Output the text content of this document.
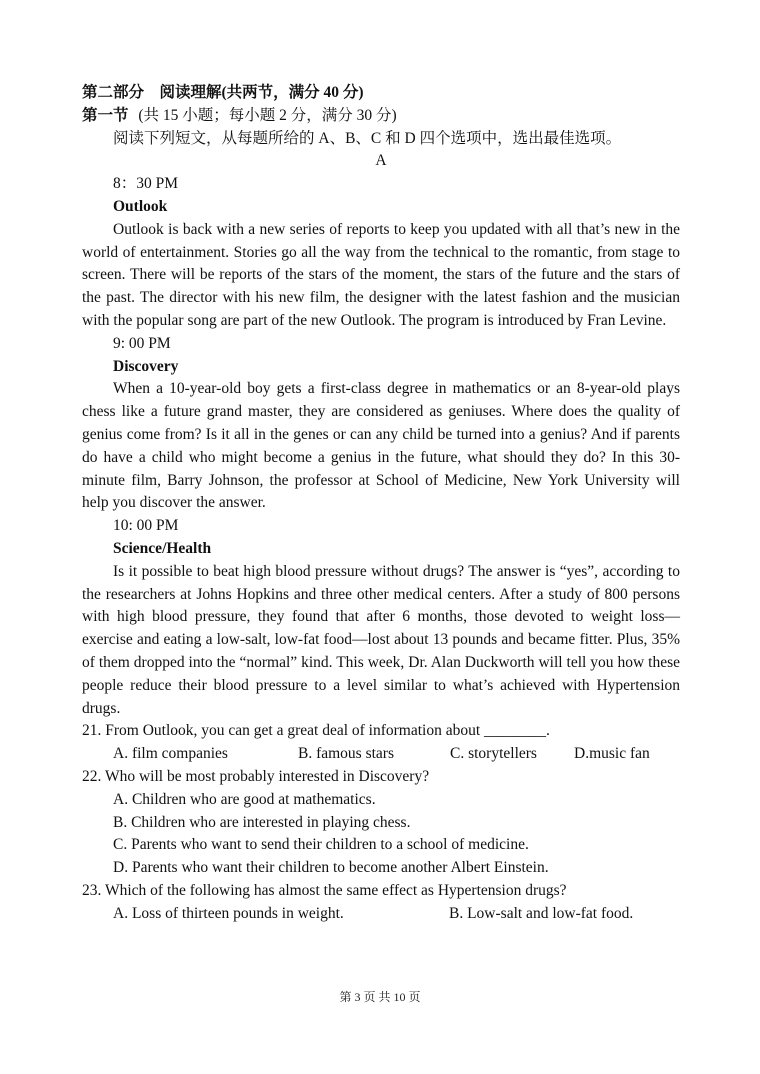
第二部分　阅读理解(共两节，满分 40 分)
第一节 (共 15 小题；每小题 2 分，满分 30 分)
阅读下列短文，从每题所给的 A、B、C 和 D 四个选项中，选出最佳选项。
A
8：30 PM
Outlook

Outlook is back with a new series of reports to keep you updated with all that’s new in the world of entertainment. Stories go all the way from the technical to the romantic, from stage to screen. There will be reports of the stars of the moment, the stars of the future and the stars of the past. The director with his new film, the designer with the latest fashion and the musician with the popular song are part of the new Outlook. The program is introduced by Fran Levine.

9: 00 PM
Discovery

When a 10-year-old boy gets a first-class degree in mathematics or an 8-year-old plays chess like a future grand master, they are considered as geniuses. Where does the quality of genius come from? Is it all in the genes or can any child be turned into a genius? And if parents do have a child who might become a genius in the future, what should they do? In this 30-minute film, Barry Johnson, the professor at School of Medicine, New York University will help you discover the answer.

10: 00 PM
Science/Health

Is it possible to beat high blood pressure without drugs? The answer is “yes”, according to the researchers at Johns Hopkins and three other medical centers. After a study of 800 persons with high blood pressure, they found that after 6 months, those devoted to weight loss—exercise and eating a low-salt, low-fat food—lost about 13 pounds and became fitter. Plus, 35% of them dropped into the “normal” kind. This week, Dr. Alan Duckworth will tell you how these people reduce their blood pressure to a level similar to what’s achieved with Hypertension drugs.

21. From Outlook, you can get a great deal of information about ________.
A. film companies	B. famous stars	C. storytellers	D.music fan
22. Who will be most probably interested in Discovery?
A. Children who are good at mathematics.
B. Children who are interested in playing chess.
C. Parents who want to send their children to a school of medicine.
D. Parents who want their children to become another Albert Einstein.
23. Which of the following has almost the same effect as Hypertension drugs?
A. Loss of thirteen pounds in weight.	B. Low-salt and low-fat food.
第 3 页 共 10 页
